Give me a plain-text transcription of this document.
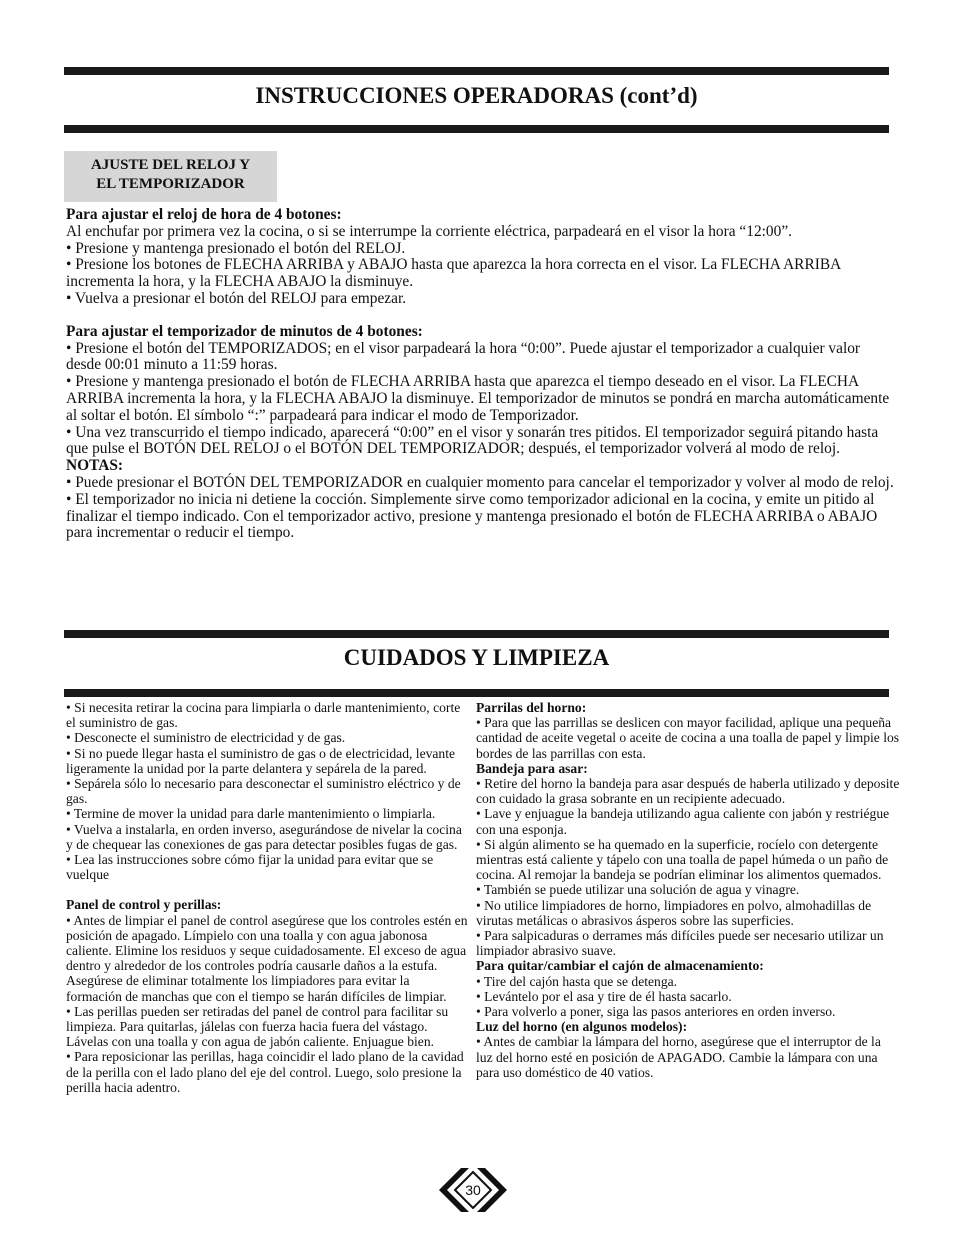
INSTRUCCIONES OPERADORAS (cont’d)
AJUSTE DEL RELOJ Y
EL TEMPORIZADOR

Para ajustar el reloj de hora de 4 botones:

Al enchufar por primera vez la cocina, o si se interrumpe la corriente eléctrica, parpadeará en el visor la hora “12:00”.

• Presione y mantenga presionado el botón del RELOJ.

• Presione los botones de FLECHA ARRIBA y ABAJO hasta que aparezca la hora correcta en el visor. La FLECHA ARRIBA incrementa la hora, y la FLECHA ABAJO la disminuye.

• Vuelva a presionar el botón del RELOJ para empezar.

Para ajustar el temporizador de minutos de 4 botones:

• Presione el botón del TEMPORIZADOS; en el visor parpadeará la hora “0:00”. Puede ajustar el temporizador a cualquier valor desde 00:01 minuto a 11:59 horas.

• Presione y mantenga presionado el botón de FLECHA ARRIBA hasta que aparezca el tiempo deseado en el visor. La FLECHA ARRIBA incrementa la hora, y la FLECHA ABAJO la disminuye. El temporizador de minutos se pondrá en marcha automáticamente al soltar el botón. El símbolo “:” parpadeará para indicar el modo de Temporizador.

• Una vez transcurrido el tiempo indicado, aparecerá “0:00” en el visor y sonarán tres pitidos. El temporizador seguirá pitando hasta que pulse el BOTÓN DEL RELOJ o el BOTÓN DEL TEMPORIZADOR; después, el temporizador volverá al modo de reloj.

NOTAS:

• Puede presionar el BOTÓN DEL TEMPORIZADOR en cualquier momento para cancelar el temporizador y volver al modo de reloj.

• El temporizador no inicia ni detiene la cocción. Simplemente sirve como temporizador adicional en la cocina, y emite un pitido al finalizar el tiempo indicado. Con el temporizador activo, presione y mantenga presionado el botón de FLECHA ARRIBA o ABAJO para incrementar o reducir el tiempo.

CUIDADOS Y LIMPIEZA

• Si necesita retirar la cocina para limpiarla o darle mantenimiento, corte el suministro de gas.

• Desconecte el suministro de electricidad y de gas.

• Si no puede llegar hasta el suministro de gas o de electricidad, levante ligeramente la unidad por la parte delantera y sepárela de la pared.

• Sepárela sólo lo necesario para desconectar el suministro eléctrico y de gas.

• Termine de mover la unidad para darle mantenimiento o limpiarla.

• Vuelva a instalarla, en orden inverso, asegurándose de nivelar la cocina y de chequear las conexiones de gas para detectar posibles fugas de gas.

• Lea las instrucciones sobre cómo fijar la unidad para evitar que se vuelque

Panel de control y perillas:

• Antes de limpiar el panel de control asegúrese que los controles estén en posición de apagado. Límpielo con una toalla y con agua jabonosa caliente. Elimine los residuos y seque cuidadosamente. El exceso de agua dentro y alrededor de los controles podría causarle daños a la estufa. Asegúrese de eliminar totalmente los limpiadores para evitar la formación de manchas que con el tiempo se harán difíciles de limpiar.

• Las perillas pueden ser retiradas del panel de control para facilitar su limpieza. Para quitarlas, jálelas con fuerza hacia fuera del vástago. Lávelas con una toalla y con agua de jabón caliente. Enjuague bien.

• Para reposicionar las perillas, haga coincidir el lado plano de la cavidad de la perilla con el lado plano del eje del control. Luego, solo presione la perilla hacia adentro.

Parrilas del horno:

• Para que las parrillas se deslicen con mayor facilidad, aplique una pequeña cantidad de aceite vegetal o aceite de cocina a una toalla de papel y limpie los bordes de las parrillas con esta.

Bandeja para asar:

• Retire del horno la bandeja para asar después de haberla utilizado y deposite con cuidado la grasa sobrante en un recipiente adecuado.

• Lave y enjuague la bandeja utilizando agua caliente con jabón y restriégue con una esponja.

• Si algún alimento se ha quemado en la superficie, rocíelo con detergente mientras está caliente y tápelo con una toalla de papel húmeda o un paño de cocina. Al remojar la bandeja se podrían eliminar los alimentos quemados.

• También se puede utilizar una solución de agua y vinagre.

• No utilice limpiadores de horno, limpiadores en polvo, almohadillas de virutas metálicas o abrasivos ásperos sobre las superficies.

• Para salpicaduras o derrames más difíciles puede ser necesario utilizar un limpiador abrasivo suave.

Para quitar/cambiar el cajón de almacenamiento:

• Tire del cajón hasta que se detenga.

• Levántelo por el asa y tire de él hasta sacarlo.

• Para volverlo a poner, siga las pasos anteriores en orden inverso.

Luz del horno (en algunos modelos):

• Antes de cambiar la lámpara del horno, asegúrese que el interruptor de la luz del horno esté en posición de APAGADO. Cambie la lámpara con una para uso doméstico de 40 vatios.

30
